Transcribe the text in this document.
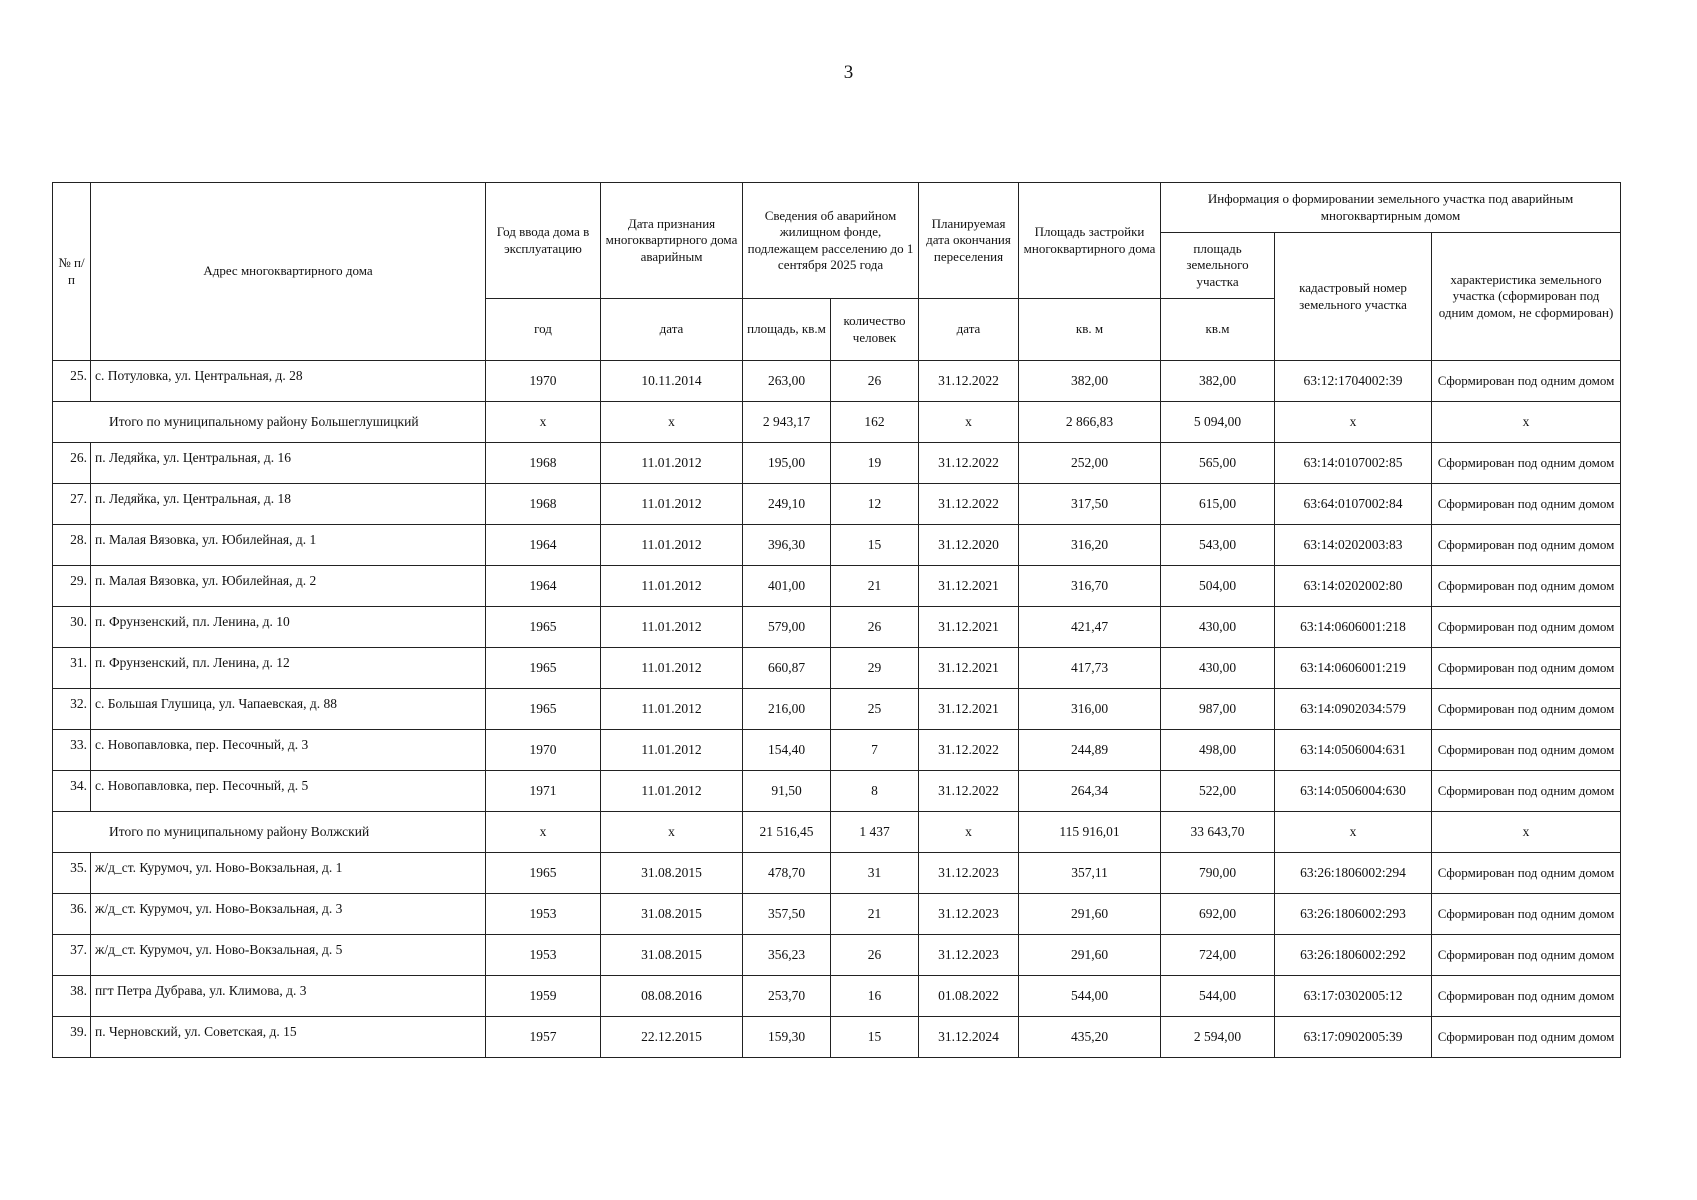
3
№ п/п	Адрес многоквартирного дома	Год ввода дома в эксплуатацию	Дата признания многоквартирного дома аварийным	Сведения об аварийном жилищном фонде, подлежащем расселению до 1 сентября 2025 года		Планируемая дата окончания переселения	Площадь застройки многоквартирного дома	Информация о формировании земельного участка под аварийным многоквартирным домом		
								площадь земельного участка	кадастровый номер земельного участка	характеристика земельного участка (сформирован под одним домом, не сформирован)
		год	дата	площадь, кв.м	количество человек	дата	кв. м	кв.м		
25.	с. Потуловка, ул. Центральная, д. 28	1970	10.11.2014	263,00	26	31.12.2022	382,00	382,00	63:12:1704002:39	Сформирован под одним домом
Итого по муниципальному району Большеглушицкий		x	x	2 943,17	162	x	2 866,83	5 094,00	x	x
26.	п. Ледяйка, ул. Центральная, д. 16	1968	11.01.2012	195,00	19	31.12.2022	252,00	565,00	63:14:0107002:85	Сформирован под одним домом
27.	п. Ледяйка, ул. Центральная, д. 18	1968	11.01.2012	249,10	12	31.12.2022	317,50	615,00	63:64:0107002:84	Сформирован под одним домом
28.	п. Малая Вязовка, ул. Юбилейная, д. 1	1964	11.01.2012	396,30	15	31.12.2020	316,20	543,00	63:14:0202003:83	Сформирован под одним домом
29.	п. Малая Вязовка, ул. Юбилейная, д. 2	1964	11.01.2012	401,00	21	31.12.2021	316,70	504,00	63:14:0202002:80	Сформирован под одним домом
30.	п. Фрунзенский, пл. Ленина, д. 10	1965	11.01.2012	579,00	26	31.12.2021	421,47	430,00	63:14:0606001:218	Сформирован под одним домом
31.	п. Фрунзенский, пл. Ленина, д. 12	1965	11.01.2012	660,87	29	31.12.2021	417,73	430,00	63:14:0606001:219	Сформирован под одним домом
32.	с. Большая Глушица, ул. Чапаевская, д. 88	1965	11.01.2012	216,00	25	31.12.2021	316,00	987,00	63:14:0902034:579	Сформирован под одним домом
33.	с. Новопавловка, пер. Песочный, д. 3	1970	11.01.2012	154,40	7	31.12.2022	244,89	498,00	63:14:0506004:631	Сформирован под одним домом
34.	с. Новопавловка, пер. Песочный, д. 5	1971	11.01.2012	91,50	8	31.12.2022	264,34	522,00	63:14:0506004:630	Сформирован под одним домом
Итого по муниципальному району Волжский		x	x	21 516,45	1 437	x	115 916,01	33 643,70	x	x
35.	ж/д_ст. Курумоч, ул. Ново-Вокзальная, д. 1	1965	31.08.2015	478,70	31	31.12.2023	357,11	790,00	63:26:1806002:294	Сформирован под одним домом
36.	ж/д_ст. Курумоч, ул. Ново-Вокзальная, д. 3	1953	31.08.2015	357,50	21	31.12.2023	291,60	692,00	63:26:1806002:293	Сформирован под одним домом
37.	ж/д_ст. Курумоч, ул. Ново-Вокзальная, д. 5	1953	31.08.2015	356,23	26	31.12.2023	291,60	724,00	63:26:1806002:292	Сформирован под одним домом
38.	пгт Петра Дубрава, ул. Климова, д. 3	1959	08.08.2016	253,70	16	01.08.2022	544,00	544,00	63:17:0302005:12	Сформирован под одним домом
39.	п. Черновский, ул. Советская, д. 15	1957	22.12.2015	159,30	15	31.12.2024	435,20	2 594,00	63:17:0902005:39	Сформирован под одним домом
